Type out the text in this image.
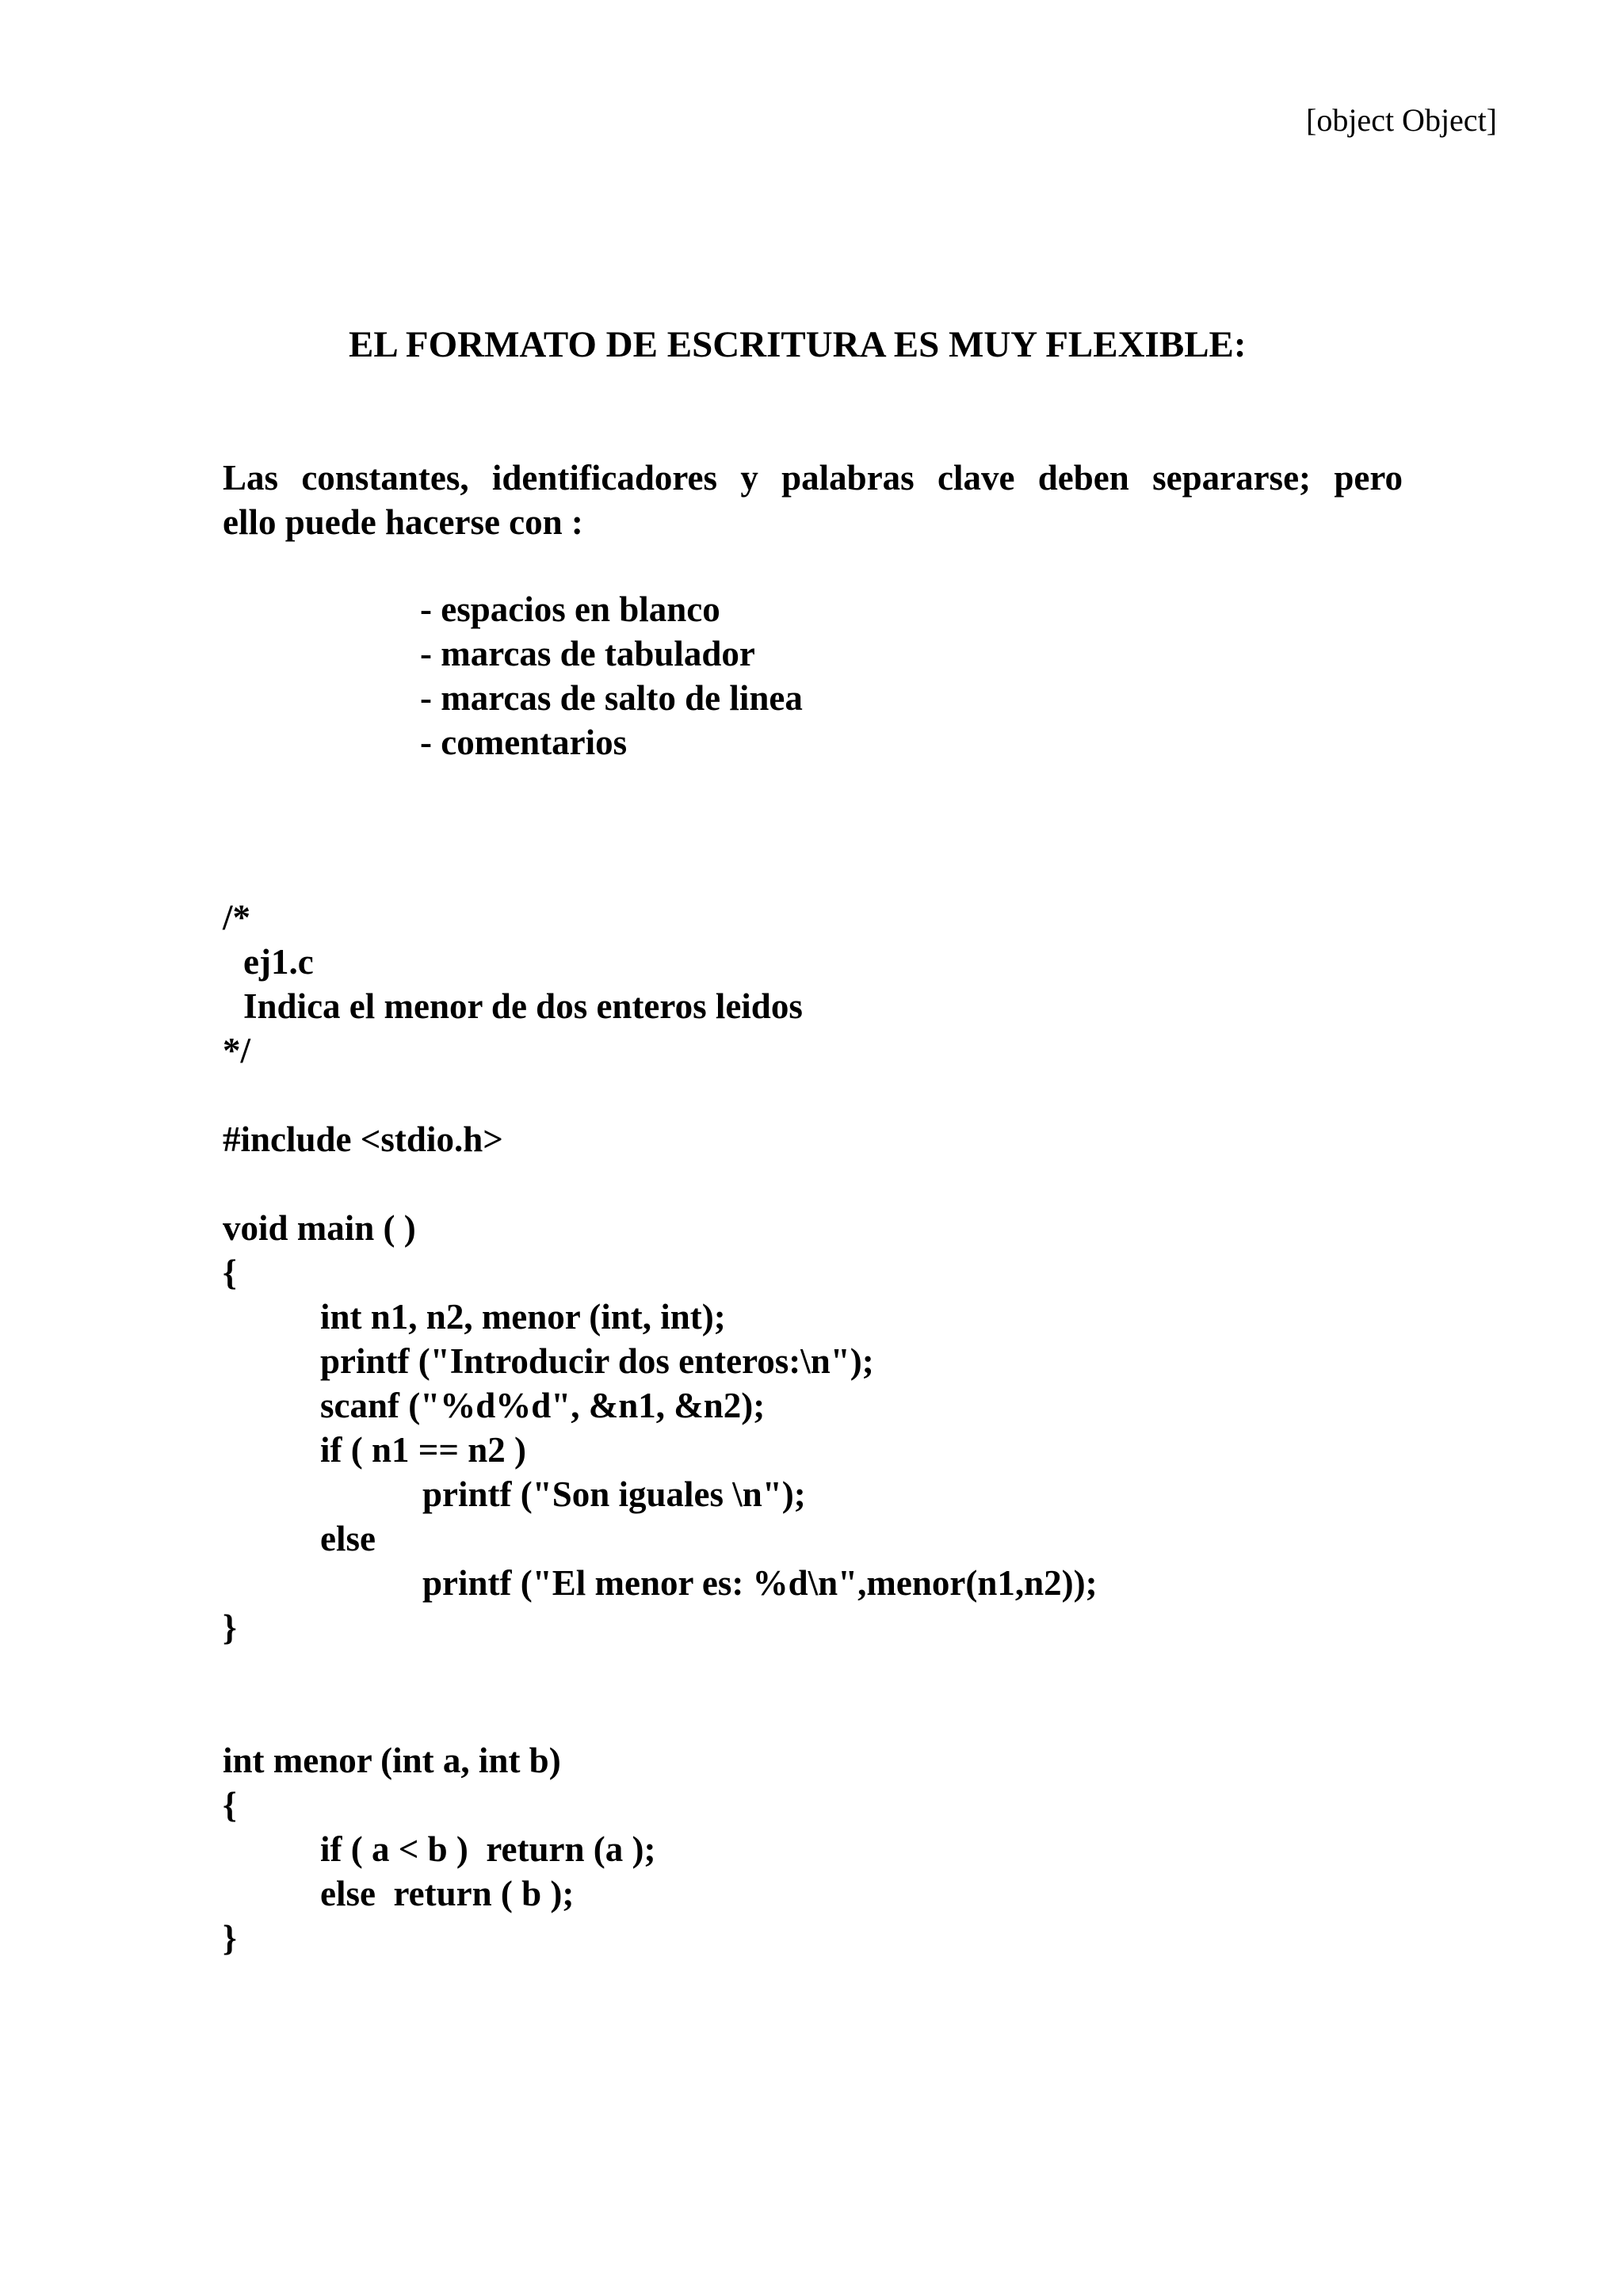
[object Object]
EL FORMATO DE ESCRITURA ES MUY FLEXIBLE:
Las constantes, identificadores y palabras clave deben separarse; pero
ello puede hacerse con :
- espacios en blanco
- marcas de tabulador
- marcas de salto de linea
- comentarios
/*
ej1.c
Indica el menor de dos enteros leidos
*/
#include <stdio.h>
void main ( )
{
int n1, n2, menor (int, int);
printf ("Introducir dos enteros:\n");
scanf ("%d%d", &n1, &n2);
if ( n1 == n2 )
printf ("Son iguales \n");
else
printf ("El menor es: %d\n",menor(n1,n2));
}
int menor (int a, int b)
{
if ( a < b )  return (a );
else  return ( b );
}
